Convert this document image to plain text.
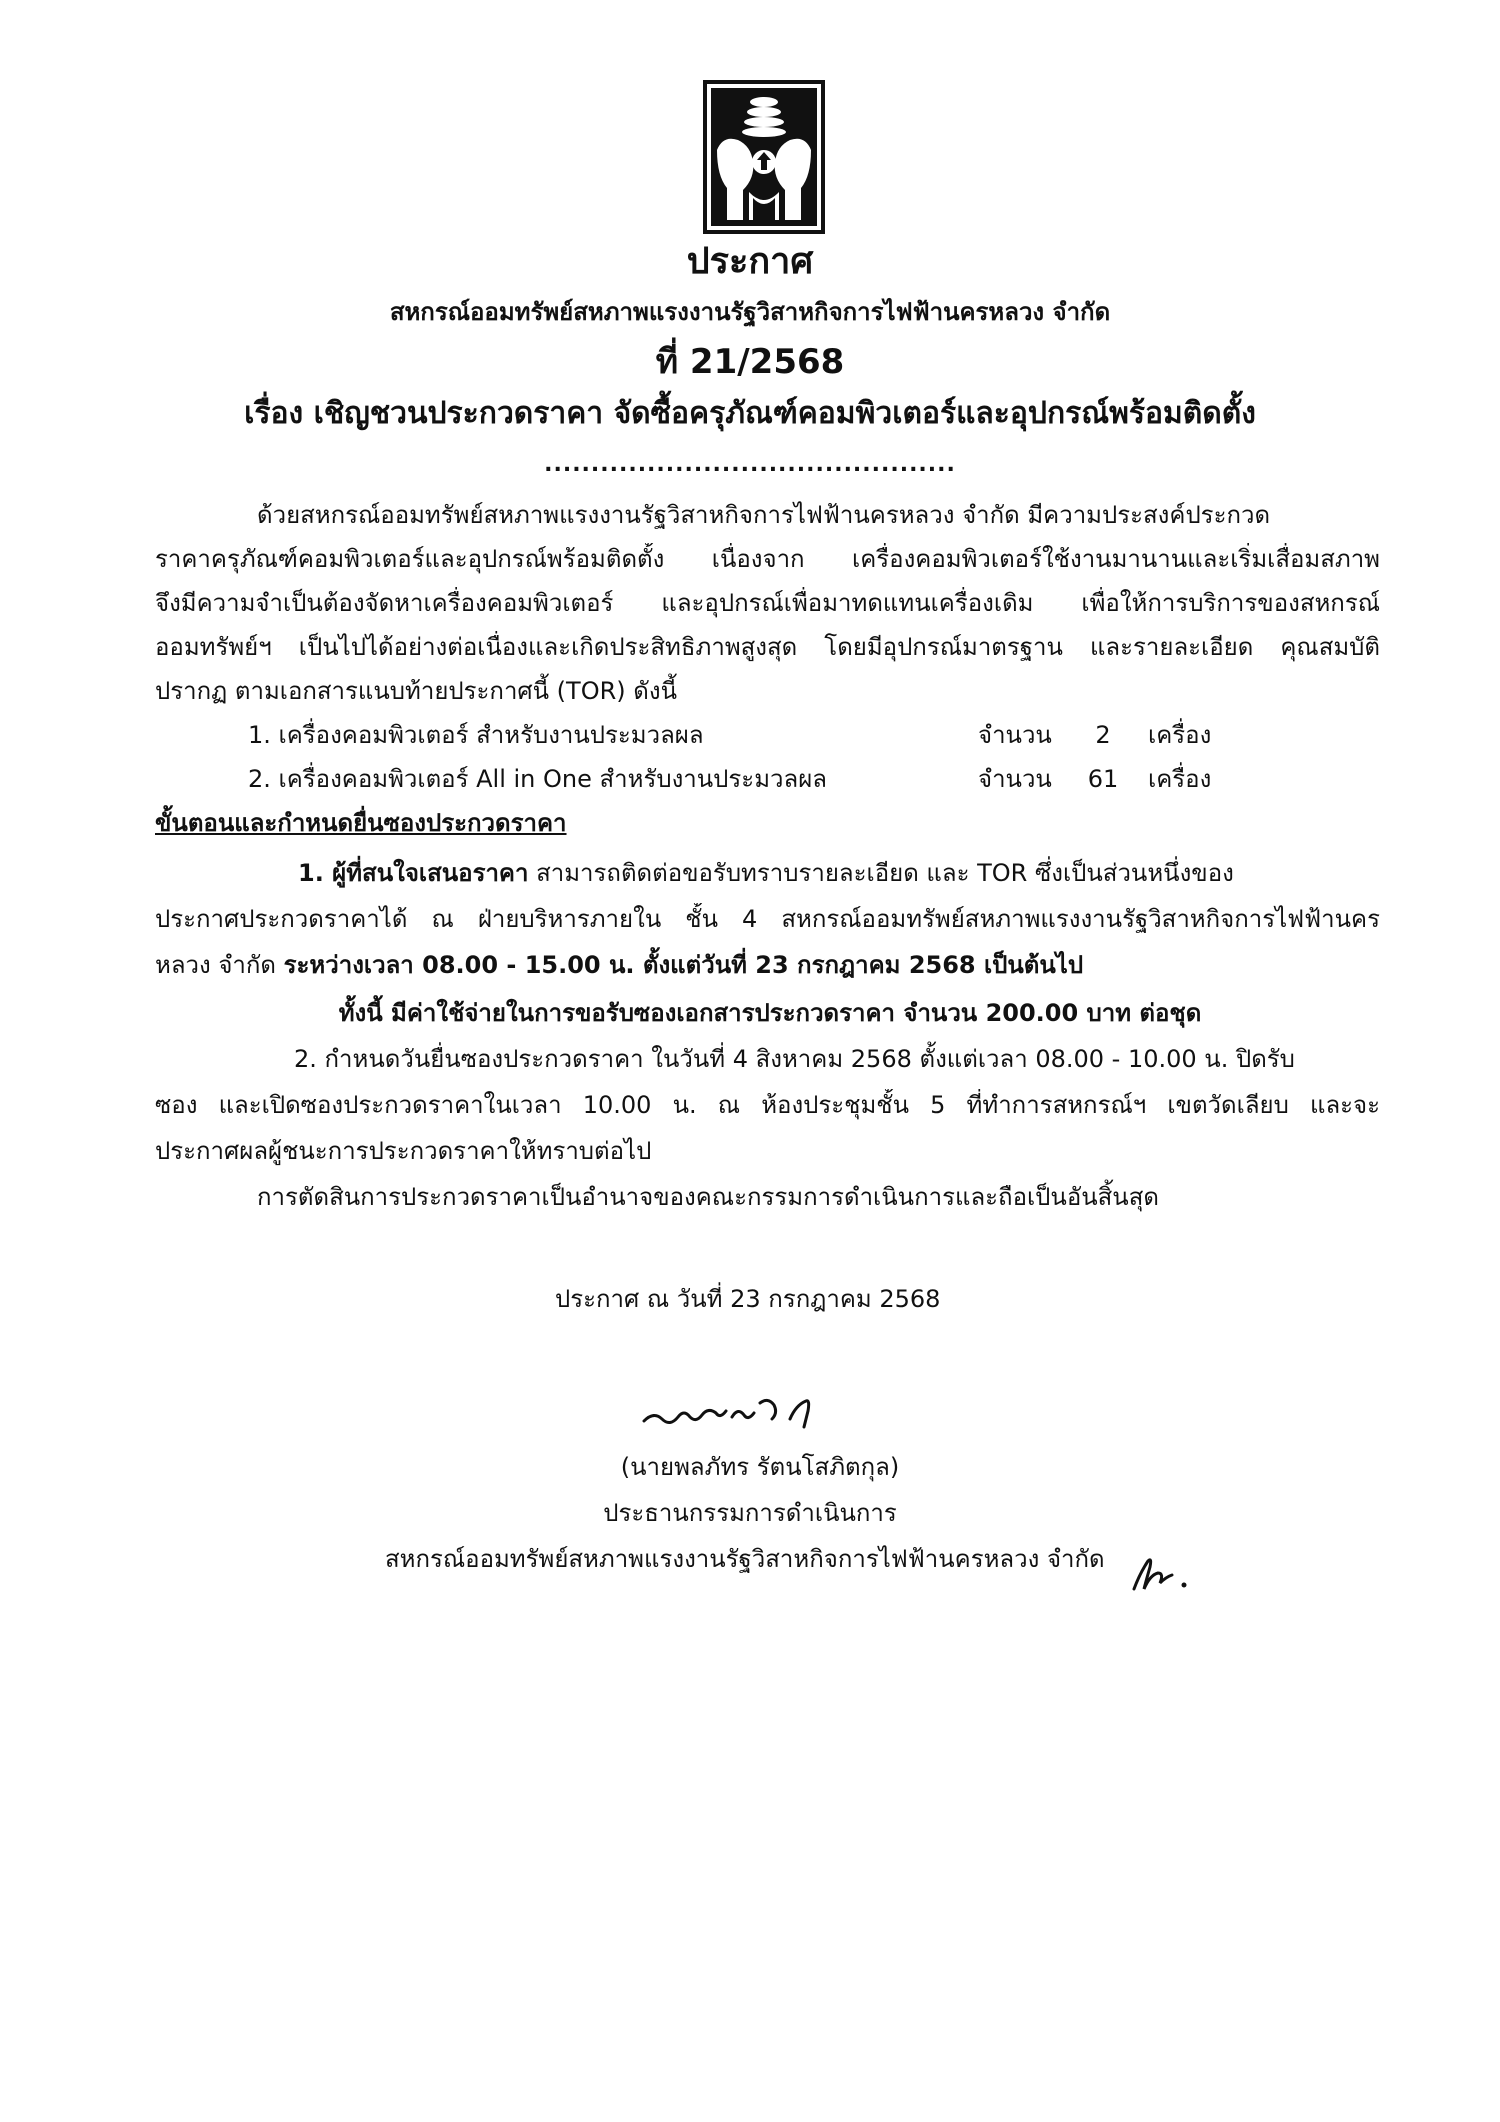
ประกาศ
สหกรณ์ออมทรัพย์สหภาพแรงงานรัฐวิสาหกิจการไฟฟ้านครหลวง จำกัด
ที่ 21/2568
เรื่อง เชิญชวนประกวดราคา จัดซื้อครุภัณฑ์คอมพิวเตอร์และอุปกรณ์พร้อมติดตั้ง
............................................
ด้วยสหกรณ์ออมทรัพย์สหภาพแรงงานรัฐวิสาหกิจการไฟฟ้านครหลวง จำกัด มีความประสงค์ประกวด
ราคาครุภัณฑ์คอมพิวเตอร์และอุปกรณ์พร้อมติดตั้ง เนื่องจาก เครื่องคอมพิวเตอร์ใช้งานมานานและเริ่มเสื่อมสภาพ
จึงมีความจำเป็นต้องจัดหาเครื่องคอมพิวเตอร์ และอุปกรณ์เพื่อมาทดแทนเครื่องเดิม เพื่อให้การบริการของสหกรณ์
ออมทรัพย์ฯ เป็นไปได้อย่างต่อเนื่องและเกิดประสิทธิภาพสูงสุด โดยมีอุปกรณ์มาตรฐาน และรายละเอียด คุณสมบัติ
ปรากฏ ตามเอกสารแนบท้ายประกาศนี้ (TOR) ดังนี้
1. เครื่องคอมพิวเตอร์ สำหรับงานประมวลผล	จำนวน	2	เครื่อง
2. เครื่องคอมพิวเตอร์ All in One สำหรับงานประมวลผล	จำนวน	61	เครื่อง
ขั้นตอนและกำหนดยื่นซองประกวดราคา
1. ผู้ที่สนใจเสนอราคา สามารถติดต่อขอรับทราบรายละเอียด และ TOR ซึ่งเป็นส่วนหนึ่งของ
ประกาศประกวดราคาได้ ณ ฝ่ายบริหารภายใน ชั้น 4 สหกรณ์ออมทรัพย์สหภาพแรงงานรัฐวิสาหกิจการไฟฟ้านคร
หลวง จำกัด ระหว่างเวลา 08.00 - 15.00 น. ตั้งแต่วันที่ 23 กรกฎาคม 2568 เป็นต้นไป
ทั้งนี้ มีค่าใช้จ่ายในการขอรับซองเอกสารประกวดราคา จำนวน 200.00 บาท ต่อชุด
2. กำหนดวันยื่นซองประกวดราคา ในวันที่ 4 สิงหาคม 2568 ตั้งแต่เวลา 08.00 - 10.00 น. ปิดรับ
ซอง และเปิดซองประกวดราคาในเวลา 10.00 น. ณ ห้องประชุมชั้น 5 ที่ทำการสหกรณ์ฯ เขตวัดเลียบ และจะ
ประกาศผลผู้ชนะการประกวดราคาให้ทราบต่อไป
การตัดสินการประกวดราคาเป็นอำนาจของคณะกรรมการดำเนินการและถือเป็นอันสิ้นสุด
ประกาศ ณ วันที่ 23 กรกฎาคม 2568
(นายพลภัทร รัตนโสภิตกุล)
ประธานกรรมการดำเนินการ
สหกรณ์ออมทรัพย์สหภาพแรงงานรัฐวิสาหกิจการไฟฟ้านครหลวง จำกัด
